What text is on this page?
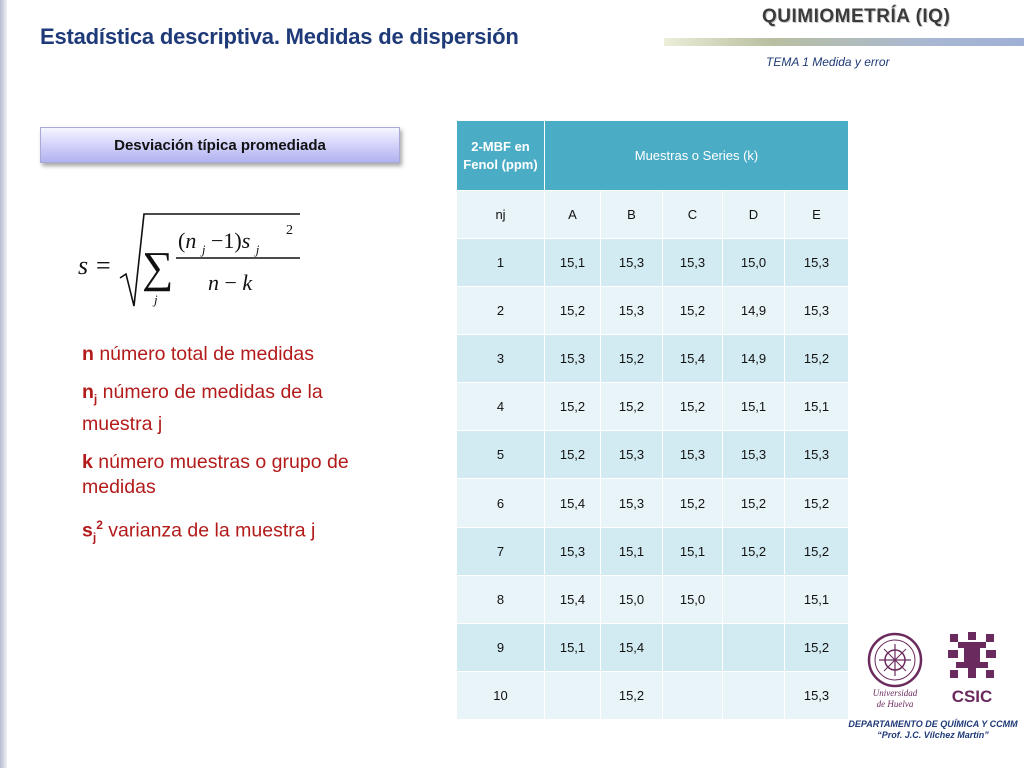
Estadística descriptiva. Medidas de dispersión
QUIMIOMETRÍA (IQ)
TEMA 1 Medida y error
Desviación típica promediada
s = ∑
j
(n $_j$ −1)s $_j$
2
n − k

n número total de medidas

$n_j$ número de medidas de la muestra j

k número muestras o grupo de medidas

$s_j^2$ varianza de la muestra j

2-MBF en Fenol (ppm)	Muestras o Series (k)				
nj	A	B	C	D	E
1	15,1	15,3	15,3	15,0	15,3
2	15,2	15,3	15,2	14,9	15,3
3	15,3	15,2	15,4	14,9	15,2
4	15,2	15,2	15,2	15,1	15,1
5	15,2	15,3	15,3	15,3	15,3
6	15,4	15,3	15,2	15,2	15,2
7	15,3	15,1	15,1	15,2	15,2
8	15,4	15,0	15,0		15,1
9	15,1	15,4			15,2
10		15,2			15,3	Universidad
de Huelva CSIC
DEPARTAMENTO DE QUÍMICA Y CCMM
“Prof. J.C. Vílchez Martín”
